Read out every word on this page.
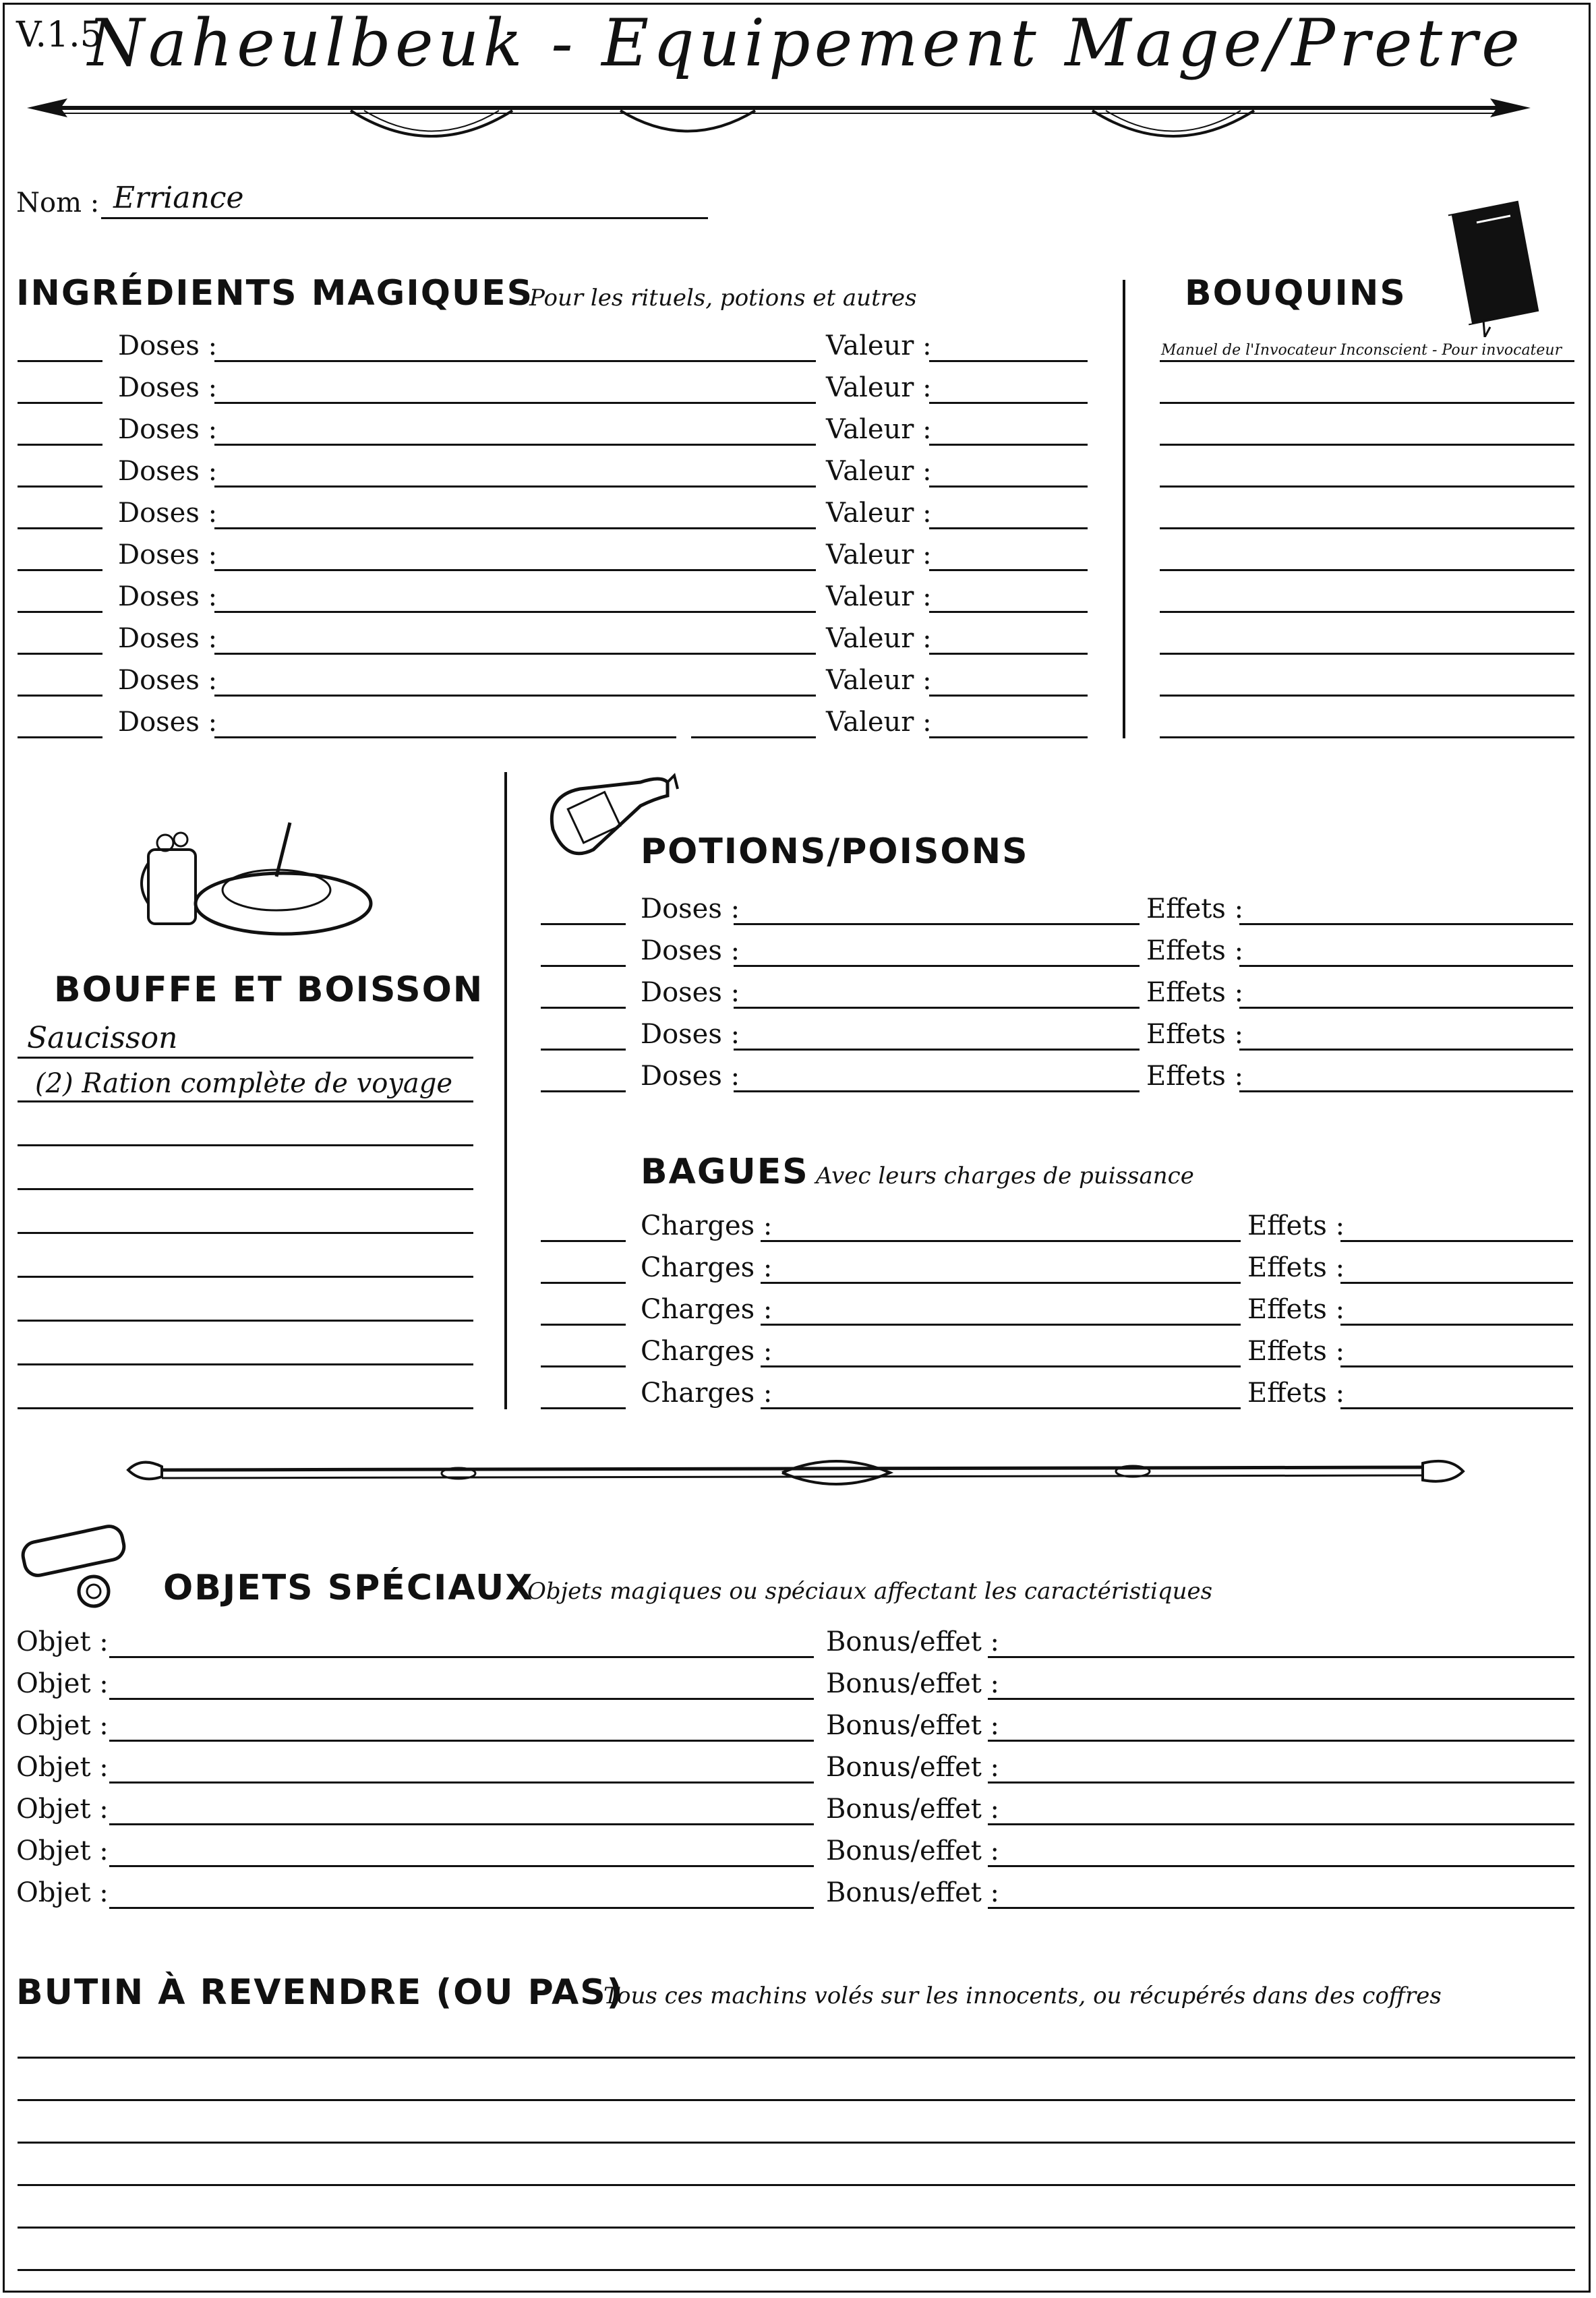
V.1.5
Naheulbeuk - Equipement Mage/Pretre
Nom : Erriance
INGRÉDIENTS MAGIQUES
Pour les rituels, potions et autres
Doses :	Valeur :
Doses :	Valeur :
Doses :	Valeur :
Doses :	Valeur :
Doses :	Valeur :
Doses :	Valeur :
Doses :	Valeur :
Doses :	Valeur :
Doses :	Valeur :
Doses :	Valeur :
BOUQUINS
Manuel de l'Invocateur Inconscient - Pour invocateur
BOUFFE ET BOISSON
Saucisson
(2) Ration complète de voyage
POTIONS/POISONS
Doses :	Effets :
Doses :	Effets :
Doses :	Effets :
Doses :	Effets :
Doses :	Effets :
BAGUES Avec leurs charges de puissance
Charges :	Effets :
Charges :	Effets :
Charges :	Effets :
Charges :	Effets :
Charges :	Effets :
OBJETS SPÉCIAUX
Objets magiques ou spéciaux affectant les caractéristiques
Objet :	Bonus/effet :
Objet :	Bonus/effet :
Objet :	Bonus/effet :
Objet :	Bonus/effet :
Objet :	Bonus/effet :
Objet :	Bonus/effet :
Objet :	Bonus/effet :
BUTIN À REVENDRE (OU PAS)
Tous ces machins volés sur les innocents, ou récupérés dans des coffres
